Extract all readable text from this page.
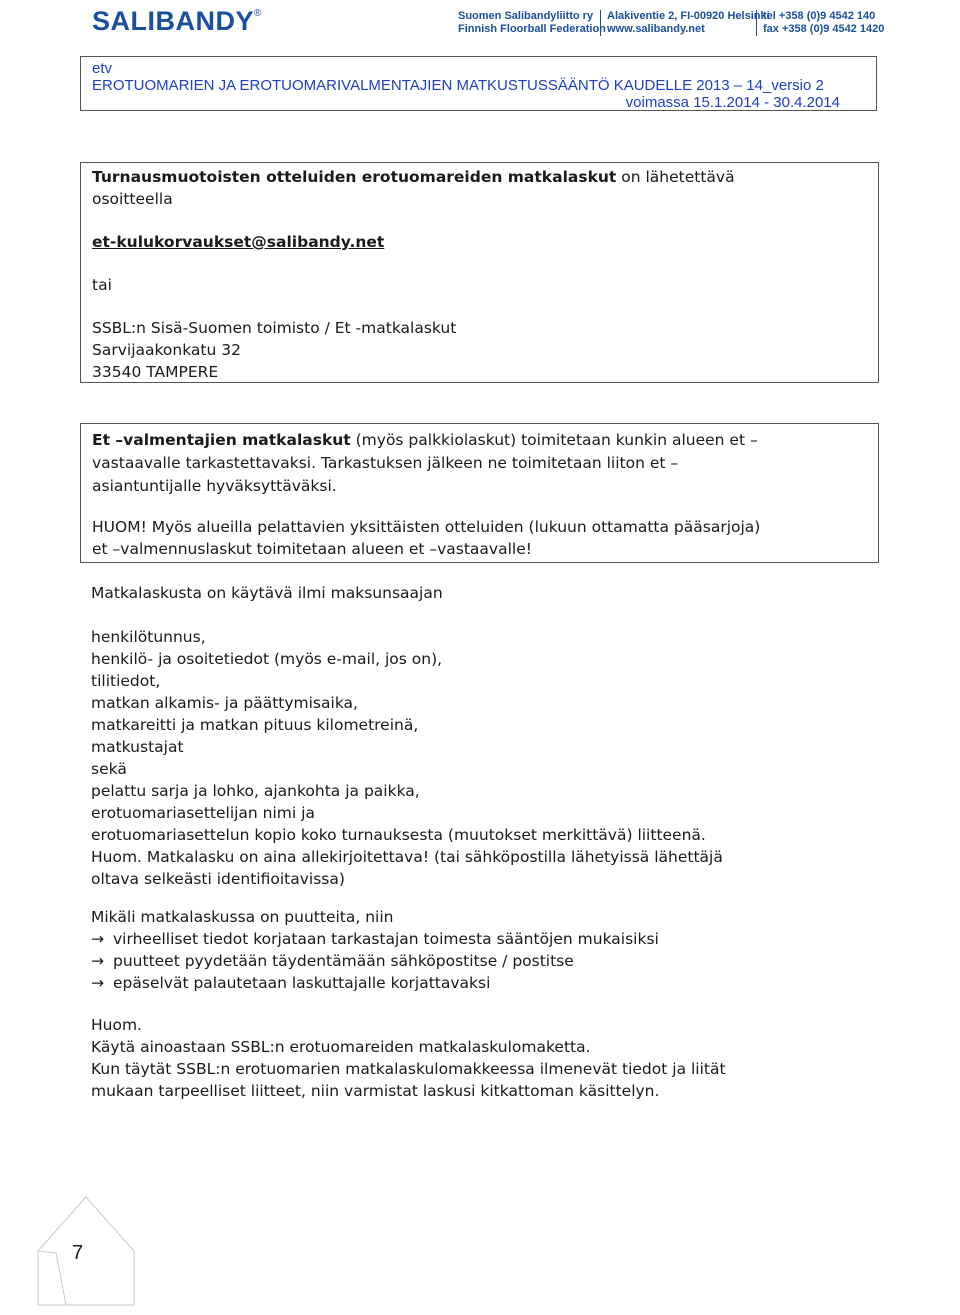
SALIBANDY®	Suomen Salibandyliitto ry
Finnish Floorball Federation
Alakiventie 2, FI-00920 Helsinki
www.salibandy.net
tel +358 (0)9 4542 140
fax +358 (0)9 4542 1420
etv
EROTUOMARIEN JA EROTUOMARIVALMENTAJIEN MATKUSTUSSÄÄNTÖ KAUDELLE 2013 – 14_versio 2
voimassa 15.1.2014 - 30.4.2014
Turnausmuotoisten otteluiden erotuomareiden matkalaskut on lähetettävä
osoitteella
et-kulukorvaukset@salibandy.net
tai
SSBL:n Sisä-Suomen toimisto / Et -matkalaskut
Sarvijaakonkatu 32
33540 TAMPERE
Et –valmentajien matkalaskut (myös palkkiolaskut) toimitetaan kunkin alueen et –
vastaavalle tarkastettavaksi. Tarkastuksen jälkeen ne toimitetaan liiton et –
asiantuntijalle hyväksyttäväksi.
HUOM! Myös alueilla pelattavien yksittäisten otteluiden (lukuun ottamatta pääsarjoja)
et –valmennuslaskut toimitetaan alueen et –vastaavalle!
Matkalaskusta on käytävä ilmi maksunsaajan

henkilötunnus,

henkilö- ja osoitetiedot (myös e-mail, jos on),

tilitiedot,

matkan alkamis- ja päättymisaika,

matkareitti ja matkan pituus kilometreinä,

matkustajat

sekä

pelattu sarja ja lohko, ajankohta ja paikka,

erotuomariasettelijan nimi ja

erotuomariasettelun kopio koko turnauksesta (muutokset merkittävä) liitteenä.

Huom. Matkalasku on aina allekirjoitettava! (tai sähköpostilla lähetyissä lähettäjä

oltava selkeästi identifioitavissa)

Mikäli matkalaskussa on puutteita, niin

→ virheelliset tiedot korjataan tarkastajan toimesta sääntöjen mukaisiksi

→ puutteet pyydetään täydentämään sähköpostitse / postitse

→ epäselvät palautetaan laskuttajalle korjattavaksi

Huom.

Käytä ainoastaan SSBL:n erotuomareiden matkalaskulomaketta.

Kun täytät SSBL:n erotuomarien matkalaskulomakkeessa ilmenevät tiedot ja liität

mukaan tarpeelliset liitteet, niin varmistat laskusi kitkattoman käsittelyn.

7
